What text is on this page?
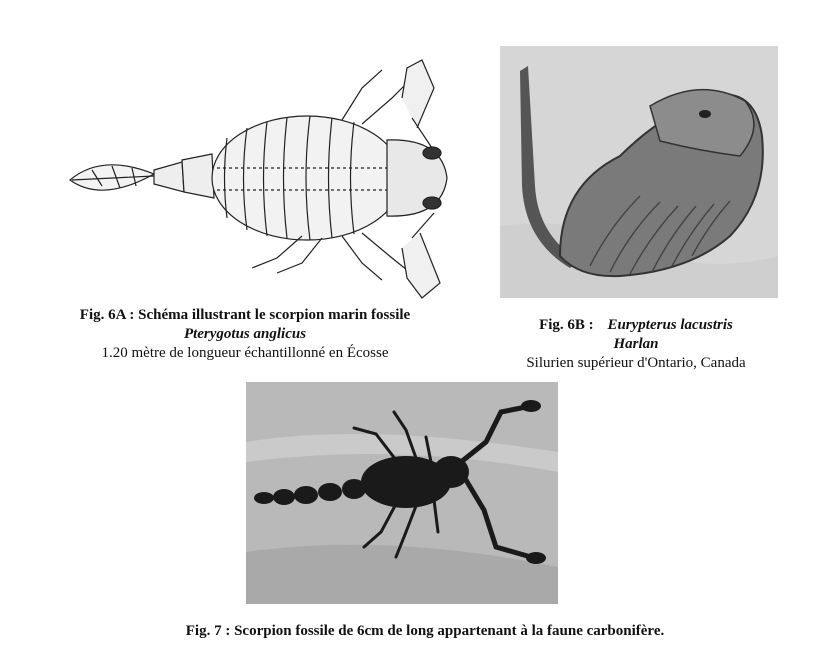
Fig. 6A : Schéma illustrant le scorpion marin fossile
Pterygotus anglicus
1.20 mètre de longueur échantillonné en Écosse
Fig. 6B : Eurypterus lacustris
Harlan
Silurien supérieur d'Ontario, Canada
Fig. 7 : Scorpion fossile de 6cm de long appartenant à la faune carbonifère.
